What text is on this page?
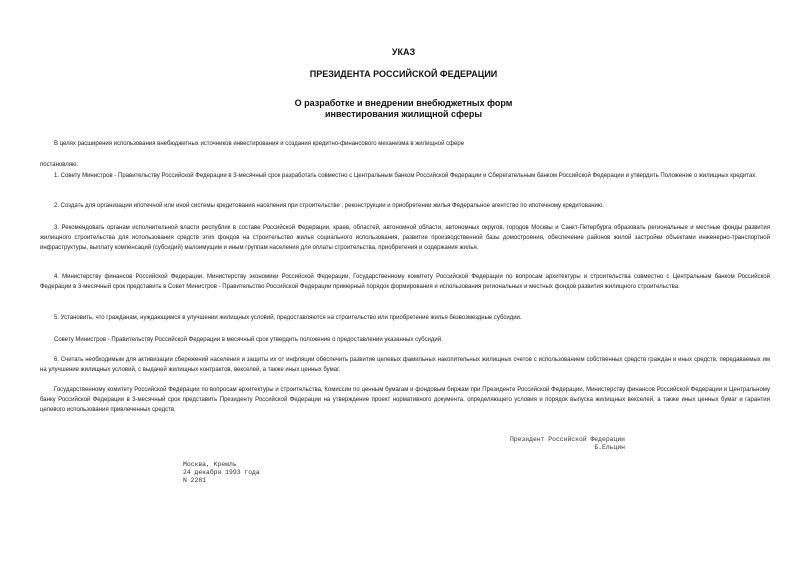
УКАЗ

ПРЕЗИДЕНТА РОССИЙСКОЙ ФЕДЕРАЦИИ

О разработке и внедрении внебюджетных форм
инвестирования жилищной сферы

В целях расширения использования внебюджетных источников инвестирования и создания кредитно-финансового механизма в жилищной сфере

постановляю:

1. Совету Министров - Правительству Российской Федерации в 3-месячный срок разработать совместно с Центральным банком Российской Федерации и Сберегательным банком Российской Федерации и утвердить Положение о жилищных кредитах.

2. Создать для организации ипотечной или иной системы кредитования населения при строительстве , реконструкции и приобретении жилья Федеральное агентство по ипотечному кредитованию.

3. Рекомендовать органам исполнительной власти республик в составе Российской Федерации, краев, областей, автономной области, автономных округов, городов Москвы и Санкт-Петербурга образовать региональные и местные фонды развития жилищного строительства для использования средств этих фондов на строительство жилья социального использования, развитие производственной базы домостроения, обеспечение районов жилой застройки объектами инженерно-транспортной инфраструктуры, выплату компенсаций (субсидий) малоимущим и иным группам населения для оплаты строительства, приобретения и содержания жилья.

4. Министерству финансов Российской Федерации, Министерству экономики Российской Федерации, Государственному комитету Российской Федерации по вопросам архитектуры и строительства совместно с Центральным банком Российской Федерации в 3-месячный срок представить в Совет Министров - Правительство Российской Федерации примерный порядок формирования и использования региональных и местных фондов развития жилищного строительства.

5. Установить, что гражданам, нуждающимся в улучшении жилищных условий, предоставляются на строительство или приобретение жилья безвозмездные субсидии.

Совету Министров - Правительству Российской Федерации в месячный срок утвердить положение о предоставлении указанных субсидий.

6. Считать необходимым для активизации сбережений населения и защиты их от инфляции обеспечить развитие целевых фамильных накопительных жилищных счетов с использованием собственных средств граждан и иных средств, передаваемых им на улучшение жилищных условий, с выдачей жилищных контрактов, векселей, а также иных ценных бумаг.

Государственному комитету Российской Федерации по вопросам архитектуры и строительства, Комиссии по ценным бумагам и фондовым биржам при Президенте Российской Федерации, Министерству финансов Российской Федерации и Центральному банку Российской Федерации в 3-месячный срок представить Президенту Российской Федерации на утверждение проект нормативного документа, определяющего условия и порядок выпуска жилищных векселей, а также иных ценных бумаг и гарантии целевого использования привлеченных средств.

Президент Российской Федерации
Б.Ельцин
Москва, Кремль
24 декабря 1993 года
N 2281
